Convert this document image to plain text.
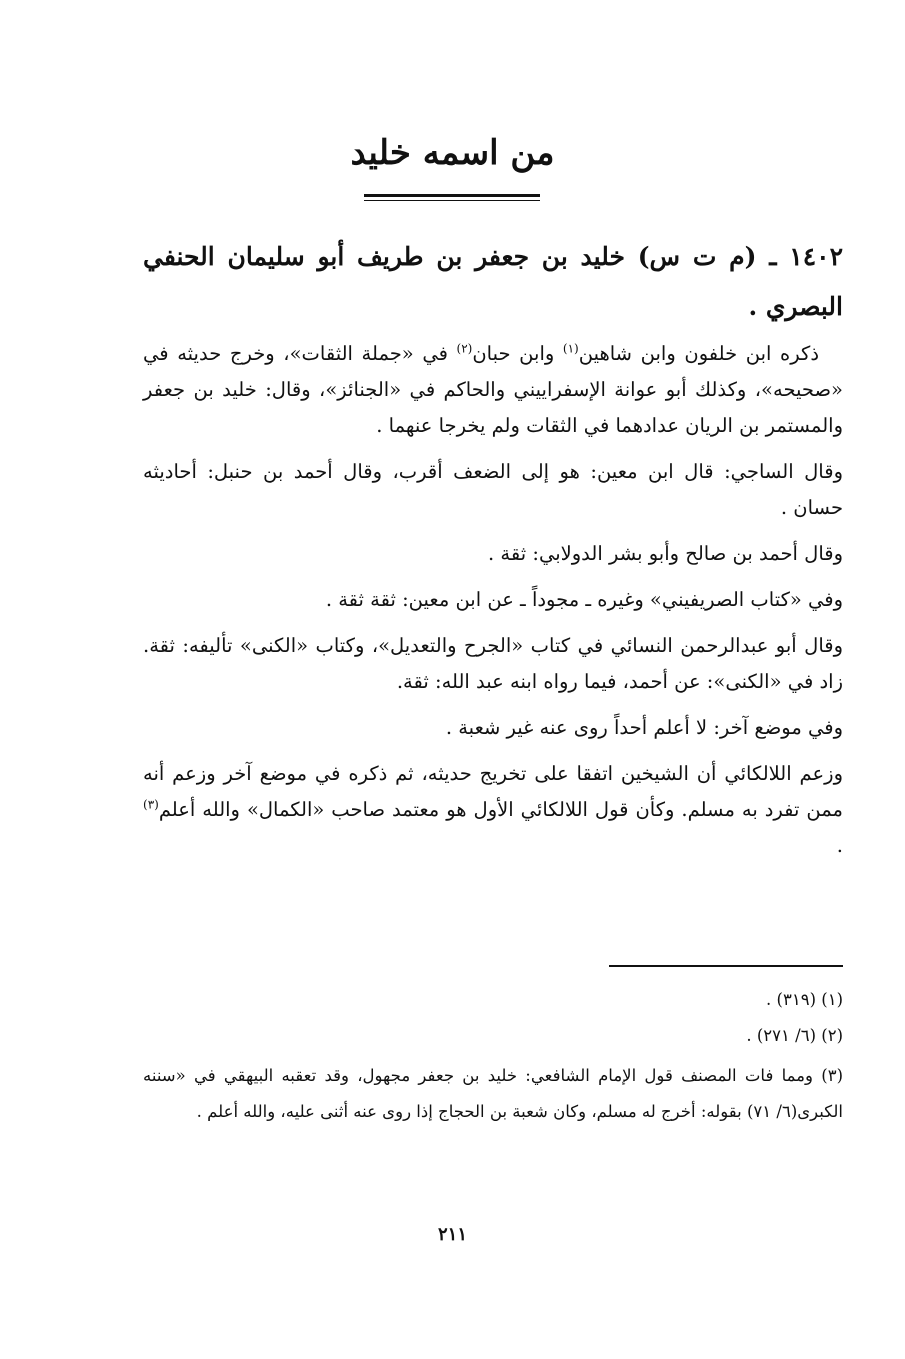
من اسمه خليد
١٤٠٢ ـ (م ت س) خليد بن جعفر بن طريف أبو سليمان الحنفي البصري .

ذكره ابن خلفون وابن شاهين$^{(١)}$ وابن حبان$^{(٢)}$ في «جملة الثقات»، وخرج حديثه في «صحيحه»، وكذلك أبو عوانة الإسفراييني والحاكم في «الجنائز»، وقال: خليد بن جعفر والمستمر بن الريان عدادهما في الثقات ولم يخرجا عنهما .

وقال الساجي: قال ابن معين: هو إلى الضعف أقرب، وقال أحمد بن حنبل: أحاديثه حسان .

وقال أحمد بن صالح وأبو بشر الدولابي: ثقة .

وفي «كتاب الصريفيني» وغيره ـ مجوداً ـ عن ابن معين: ثقة ثقة .

وقال أبو عبدالرحمن النسائي في كتاب «الجرح والتعديل»، وكتاب «الكنى» تأليفه: ثقة. زاد في «الكنى»: عن أحمد، فيما رواه ابنه عبد الله: ثقة.

وفي موضع آخر: لا أعلم أحداً روى عنه غير شعبة .

وزعم اللالكائي أن الشيخين اتفقا على تخريج حديثه، ثم ذكره في موضع آخر وزعم أنه ممن تفرد به مسلم. وكأن قول اللالكائي الأول هو معتمد صاحب «الكمال» والله أعلم$^{(٣)}$ .

(١) (٣١٩) .

(٢) (٦/ ٢٧١) .

(٣) ومما فات المصنف قول الإمام الشافعي: خليد بن جعفر مجهول، وقد تعقبه البيهقي في «سننه الكبرى(٦/ ٧١) بقوله: أخرج له مسلم، وكان شعبة بن الحجاج إذا روى عنه أثنى عليه، والله أعلم .

٢١١
